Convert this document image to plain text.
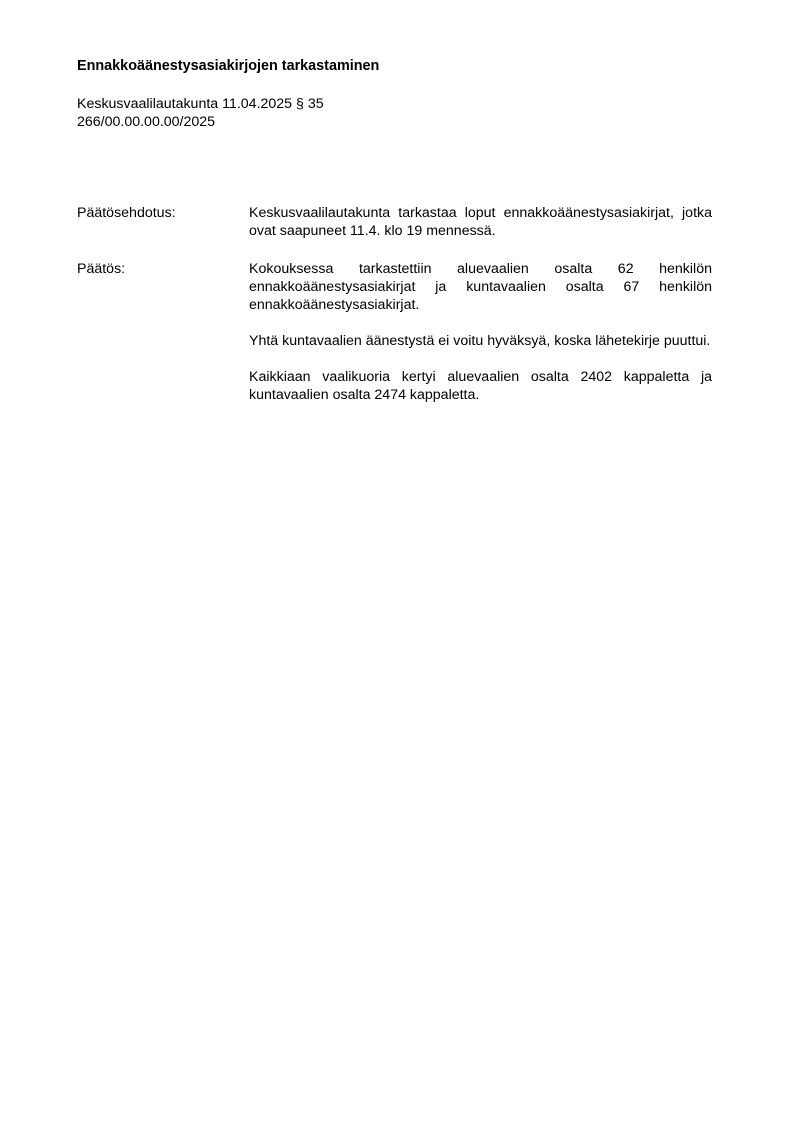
Ennakkoäänestysasiakirjojen tarkastaminen
Keskusvaalilautakunta 11.04.2025 § 35
266/00.00.00.00/2025
Päätösehdotus:	Keskusvaalilautakunta tarkastaa loput ennakkoäänestysasiakirjat, jotka ovat saapuneet 11.4. klo 19 mennessä.

Päätös:	Kokouksessa tarkastettiin aluevaalien osalta 62 henkilön ennakkoäänestysasiakirjat ja kuntavaalien osalta 67 henkilön ennakkoäänestysasiakirjat.

Yhtä kuntavaalien äänestystä ei voitu hyväksyä, koska lähetekirje puuttui.

Kaikkiaan vaalikuoria kertyi aluevaalien osalta 2402 kappaletta ja kuntavaalien osalta 2474 kappaletta.
